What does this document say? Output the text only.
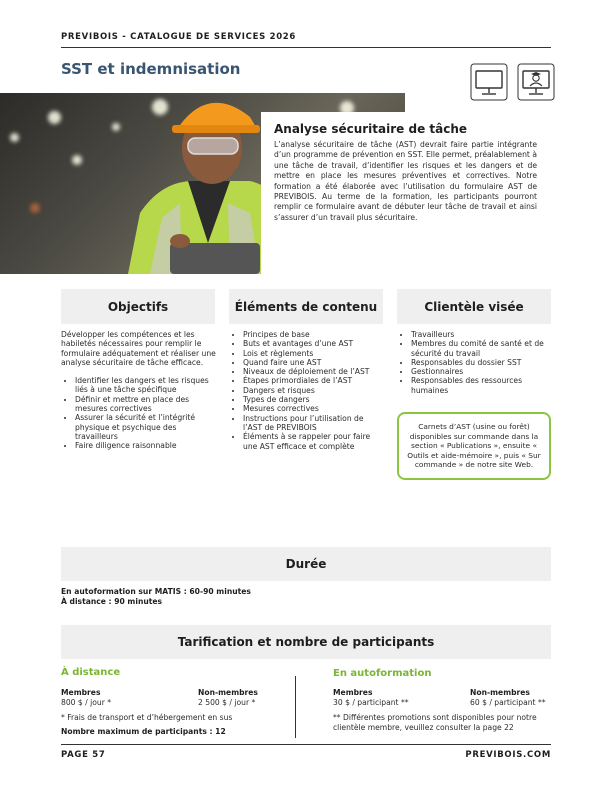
PREVIBOIS - CATALOGUE DE SERVICES 2026
SST et indemnisation
Analyse sécuritaire de tâche
L’analyse sécuritaire de tâche (AST) devrait faire partie intégrante d’un programme de prévention en SST. Elle permet, préalablement à une tâche de travail, d’identifier les risques et les dangers et de mettre en place les mesures préventives et correctives. Notre formation a été élaborée avec l’utilisation du formulaire AST de PREVIBOIS. Au terme de la formation, les participants pourront remplir ce formulaire avant de débuter leur tâche de travail et ainsi s’assurer d’un travail plus sécuritaire.
Objectifs	Éléments de contenu	Clientèle visée

Développer les compétences et les habiletés nécessaires pour remplir le formulaire adéquatement et réaliser une analyse sécuritaire de tâche efficace.

• Identifier les dangers et les risques liés à une tâche spécifique
• Définir et mettre en place des mesures correctives
• Assurer la sécurité et l’intégrité physique et psychique des travailleurs
• Faire diligence raisonnable
• Principes de base
• Buts et avantages d’une AST
• Lois et règlements
• Quand faire une AST
• Niveaux de déploiement de l’AST
• Étapes primordiales de l’AST
• Dangers et risques
• Types de dangers
• Mesures correctives
• Instructions pour l’utilisation de l’AST de PREVIBOIS
• Éléments à se rappeler pour faire une AST efficace et complète
• Travailleurs
• Membres du comité de santé et de sécurité du travail
• Responsables du dossier SST
• Gestionnaires
• Responsables des ressources humaines
Carnets d’AST (usine ou forêt) disponibles sur commande dans la section « Publications », ensuite « Outils et aide-mémoire », puis « Sur commande » de notre site Web.
Durée
En autoformation sur MATIS : 60-90 minutes
À distance : 90 minutes
Tarification et nombre de participants
À distance
Membres
800 $ / jour *
Non-membres
2 500 $ / jour *
* Frais de transport et d’hébergement en sus
Nombre maximum de participants : 12
En autoformation
Membres
30 $ / participant **
Non-membres
60 $ / participant **
** Différentes promotions sont disponibles pour notre clientèle membre, veuillez consulter la page 22
PAGE 57	PREVIBOIS.COM
